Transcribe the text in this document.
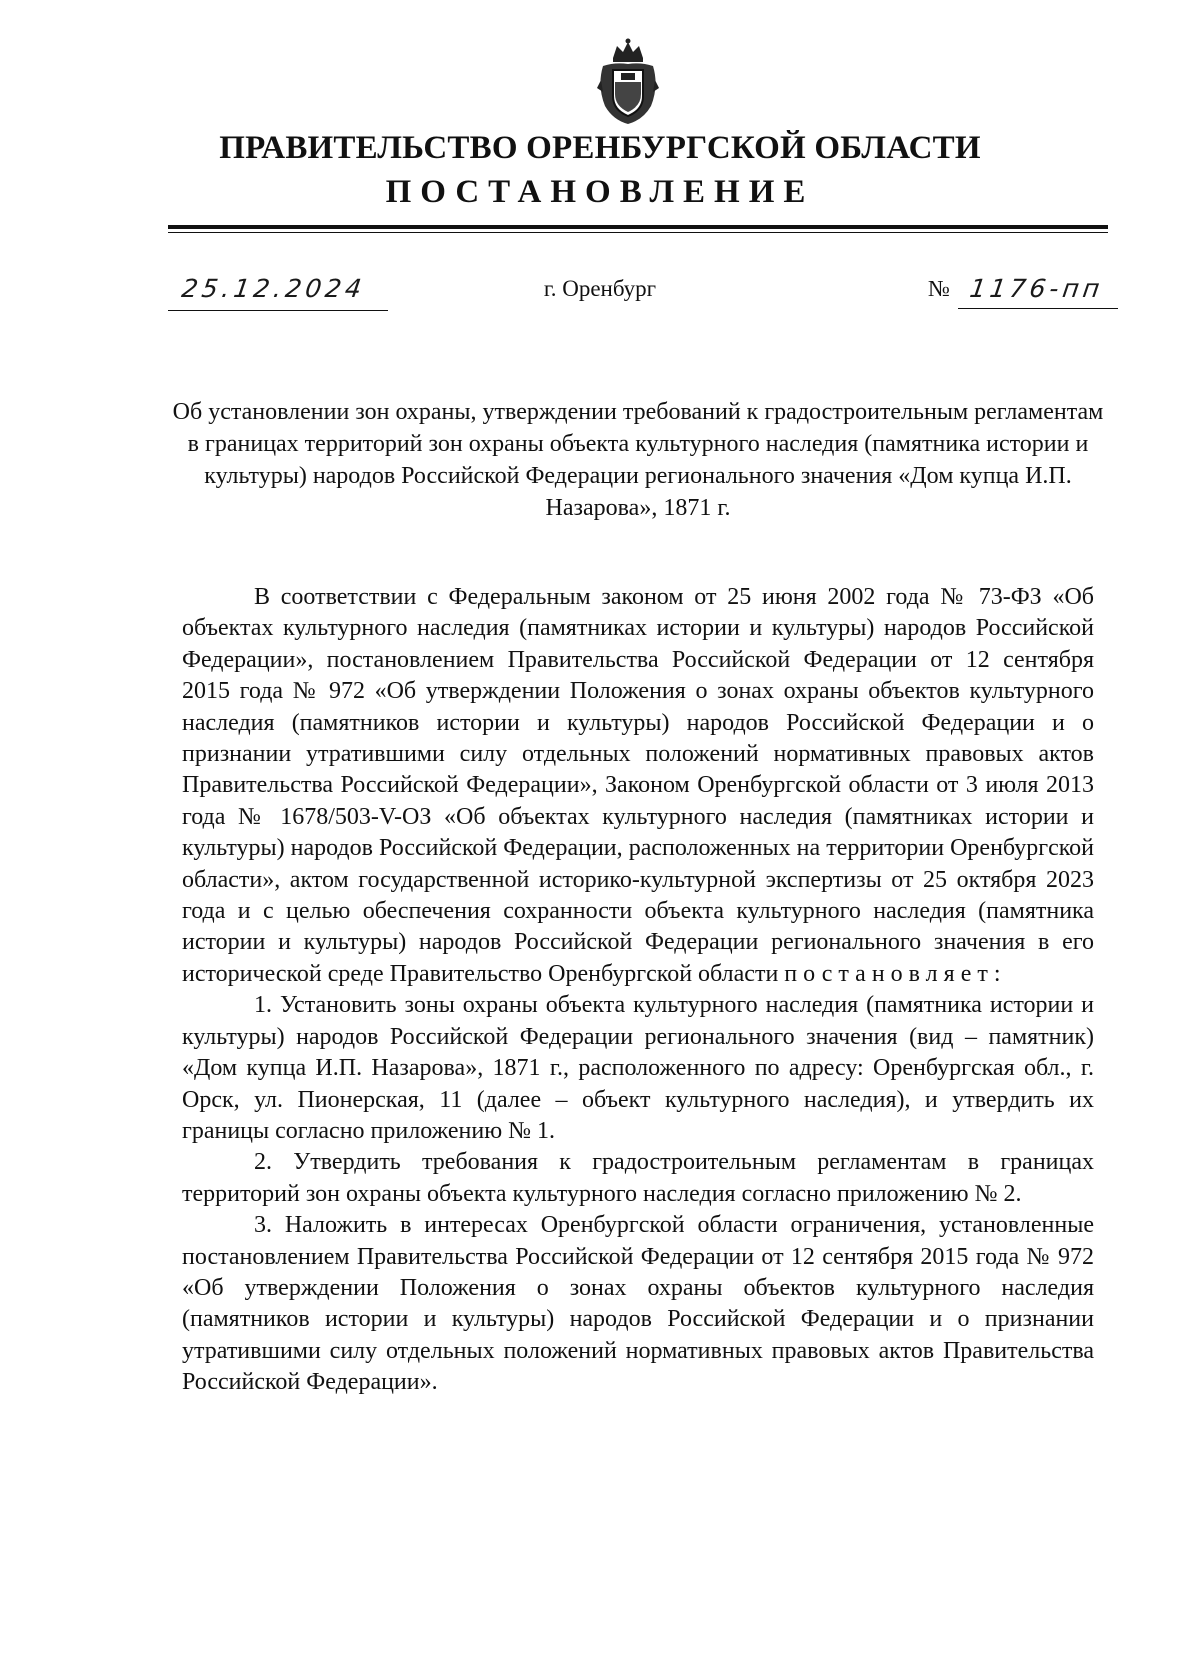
ПРАВИТЕЛЬСТВО ОРЕНБУРГСКОЙ ОБЛАСТИ
ПОСТАНОВЛЕНИЕ
25.12.2024	г. Оренбург	№ 1176-пп
Об установлении зон охраны, утверждении требований к градостроительным регламентам в границах территорий зон охраны объекта культурного наследия (памятника истории и культуры) народов Российской Федерации регионального значения «Дом купца И.П. Назарова», 1871 г.

В соответствии с Федеральным законом от 25 июня 2002 года № 73-ФЗ «Об объектах культурного наследия (памятниках истории и культуры) народов Российской Федерации», постановлением Правительства Российской Федерации от 12 сентября 2015 года № 972 «Об утверждении Положения о зонах охраны объектов культурного наследия (памятников истории и культуры) народов Российской Федерации и о признании утратившими силу отдельных положений нормативных правовых актов Правительства Российской Федерации», Законом Оренбургской области от 3 июля 2013 года № 1678/503-V-ОЗ «Об объектах культурного наследия (памятниках истории и культуры) народов Российской Федерации, расположенных на территории Оренбургской области», актом государственной историко-культурной экспертизы от 25 октября 2023 года и с целью обеспечения сохранности объекта культурного наследия (памятника истории и культуры) народов Российской Федерации регионального значения в его исторической среде Правительство Оренбургской области постановляет:

1. Установить зоны охраны объекта культурного наследия (памятника истории и культуры) народов Российской Федерации регионального значения (вид – памятник) «Дом купца И.П. Назарова», 1871 г., расположенного по адресу: Оренбургская обл., г. Орск, ул. Пионерская, 11 (далее – объект культурного наследия), и утвердить их границы согласно приложению № 1.

2. Утвердить требования к градостроительным регламентам в границах территорий зон охраны объекта культурного наследия согласно приложению № 2.

3. Наложить в интересах Оренбургской области ограничения, установленные постановлением Правительства Российской Федерации от 12 сентября 2015 года № 972 «Об утверждении Положения о зонах охраны объектов культурного наследия (памятников истории и культуры) народов Российской Федерации и о признании утратившими силу отдельных положений нормативных правовых актов Правительства Российской Федерации».
